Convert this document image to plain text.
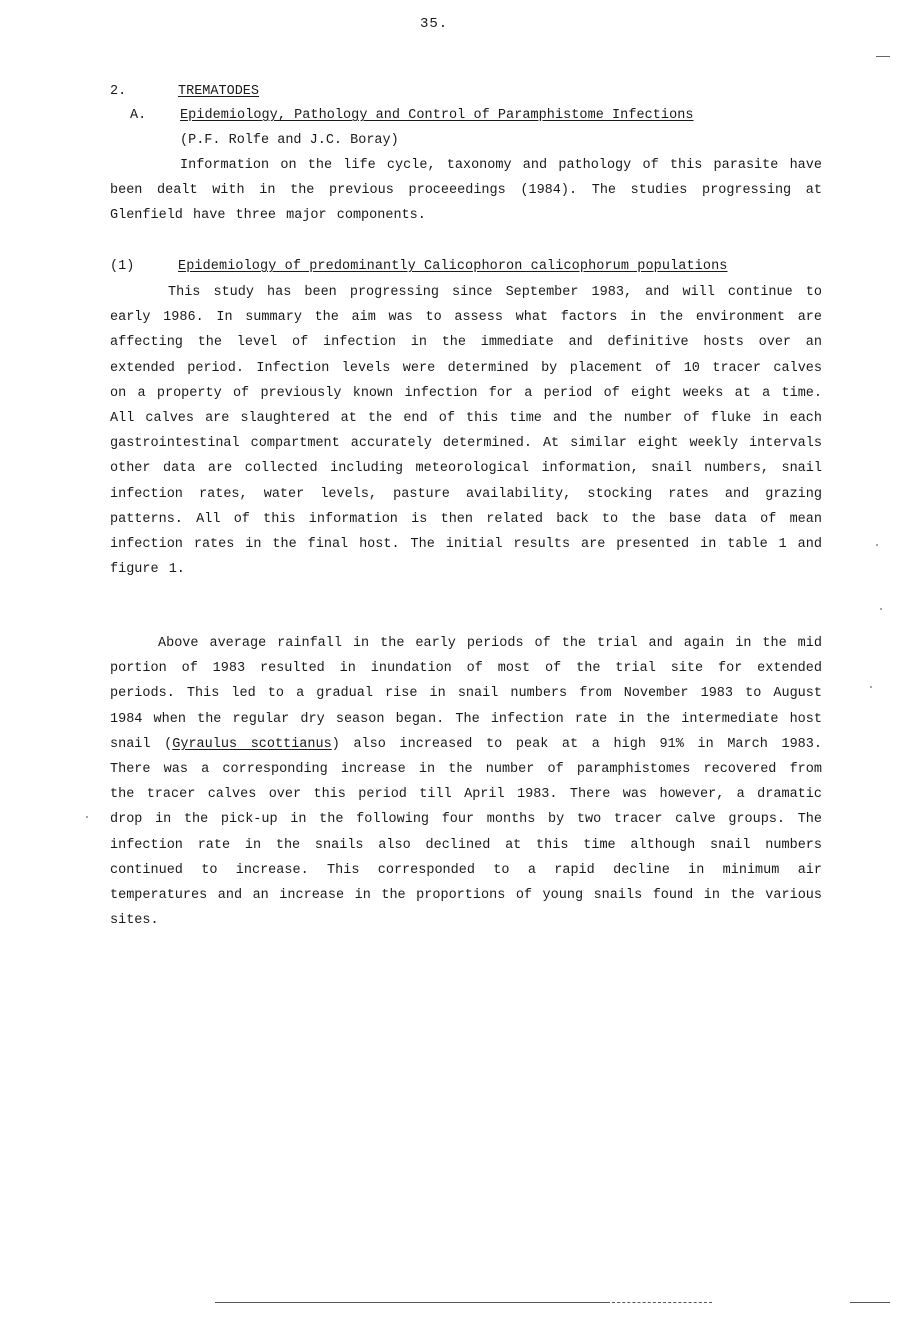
35.
2.	TREMATODES
A.	Epidemiology, Pathology and Control of Paramphistome Infections
(P.F. Rolfe and J.C. Boray)
Information on the life cycle, taxonomy and pathology of this parasite have been dealt with in the previous proceeedings (1984). The studies progressing at Glenfield have three major components.
(1)	Epidemiology of predominantly Calicophoron calicophorum populations
This study has been progressing since September 1983, and will continue to early 1986. In summary the aim was to assess what factors in the environment are affecting the level of infection in the immediate and definitive hosts over an extended period. Infection levels were determined by placement of 10 tracer calves on a property of previously known infection for a period of eight weeks at a time. All calves are slaughtered at the end of this time and the number of fluke in each gastrointestinal compartment accurately determined. At similar eight weekly intervals other data are collected including meteorological information, snail numbers, snail infection rates, water levels, pasture availability, stocking rates and grazing patterns. All of this information is then related back to the base data of mean infection rates in the final host. The initial results are presented in table 1 and figure 1.
Above average rainfall in the early periods of the trial and again in the mid portion of 1983 resulted in inundation of most of the trial site for extended periods. This led to a gradual rise in snail numbers from November 1983 to August 1984 when the regular dry season began. The infection rate in the intermediate host snail (Gyraulus scottianus) also increased to peak at a high 91% in March 1983. There was a corresponding increase in the number of paramphistomes recovered from the tracer calves over this period till April 1983. There was however, a dramatic drop in the pick-up in the following four months by two tracer calve groups. The infection rate in the snails also declined at this time although snail numbers continued to increase. This corresponded to a rapid decline in minimum air temperatures and an increase in the proportions of young snails found in the various sites.
